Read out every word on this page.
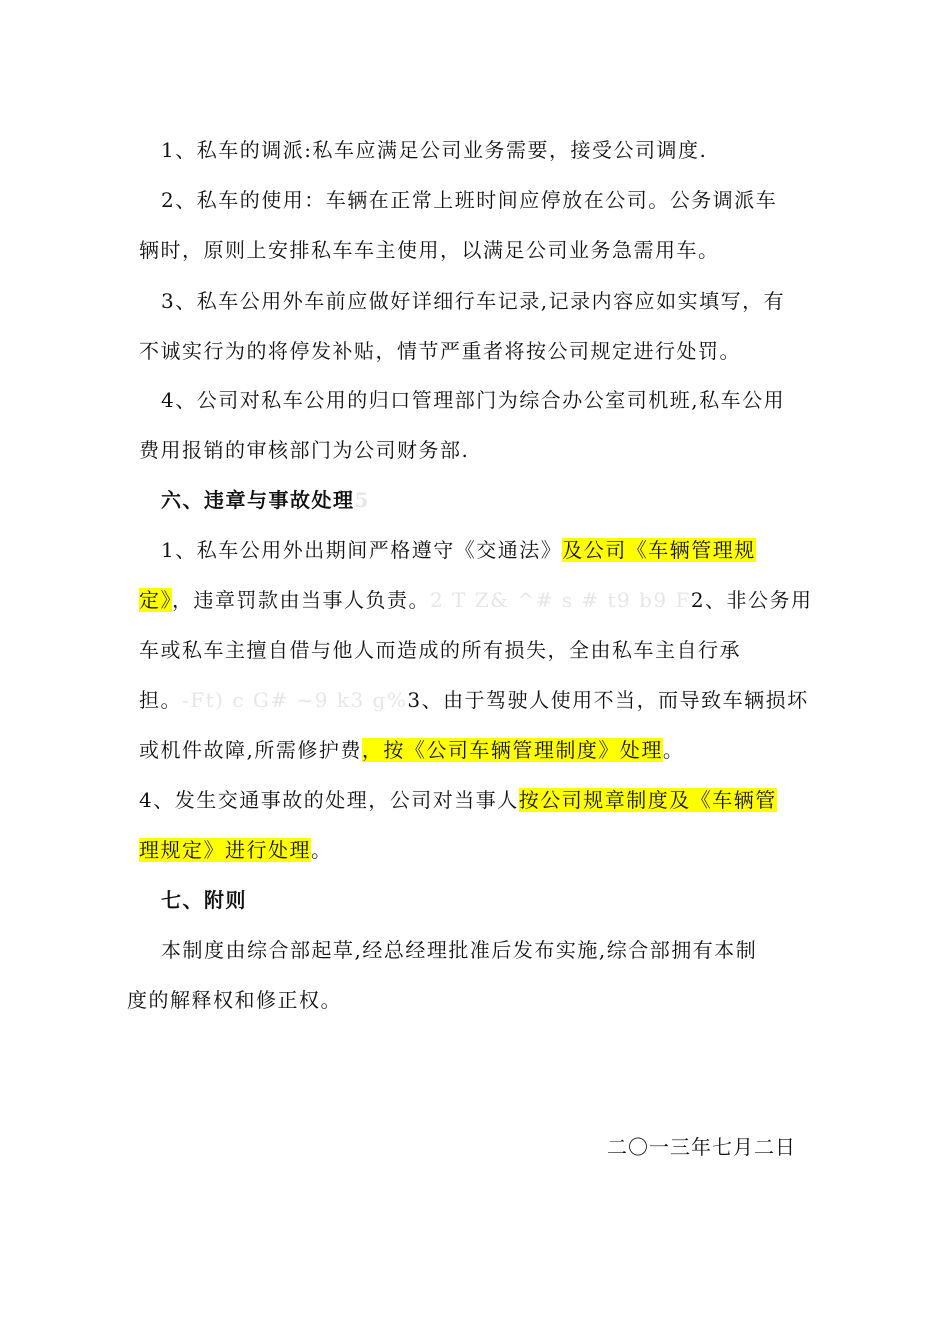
1、私车的调派:私车应满足公司业务需要，接受公司调度.
2、私车的使用：车辆在正常上班时间应停放在公司。公务调派车
辆时，原则上安排私车车主使用，以满足公司业务急需用车。
3、私车公用外车前应做好详细行车记录,记录内容应如实填写，有
不诚实行为的将停发补贴，情节严重者将按公司规定进行处罚。
4、公司对私车公用的归口管理部门为综合办公室司机班,私车公用
费用报销的审核部门为公司财务部.
六、违章与事故处理5
1、私车公用外出期间严格遵守《交通法》及公司《车辆管理规
定》，违章罚款由当事人负责。2 T Z& ^# s # t9 b9 F2、非公务用
车或私车主擅自借与他人而造成的所有损失，全由私车主自行承
担。-Ft) c G# ~9 k3 g%3、由于驾驶人使用不当，而导致车辆损坏
或机件故障,所需修护费，按《公司车辆管理制度》处理。
4、发生交通事故的处理，公司对当事人按公司规章制度及《车辆管
理规定》进行处理。
七、附则
本制度由综合部起草,经总经理批准后发布实施,综合部拥有本制
度的解释权和修正权。
二〇一三年七月二日
